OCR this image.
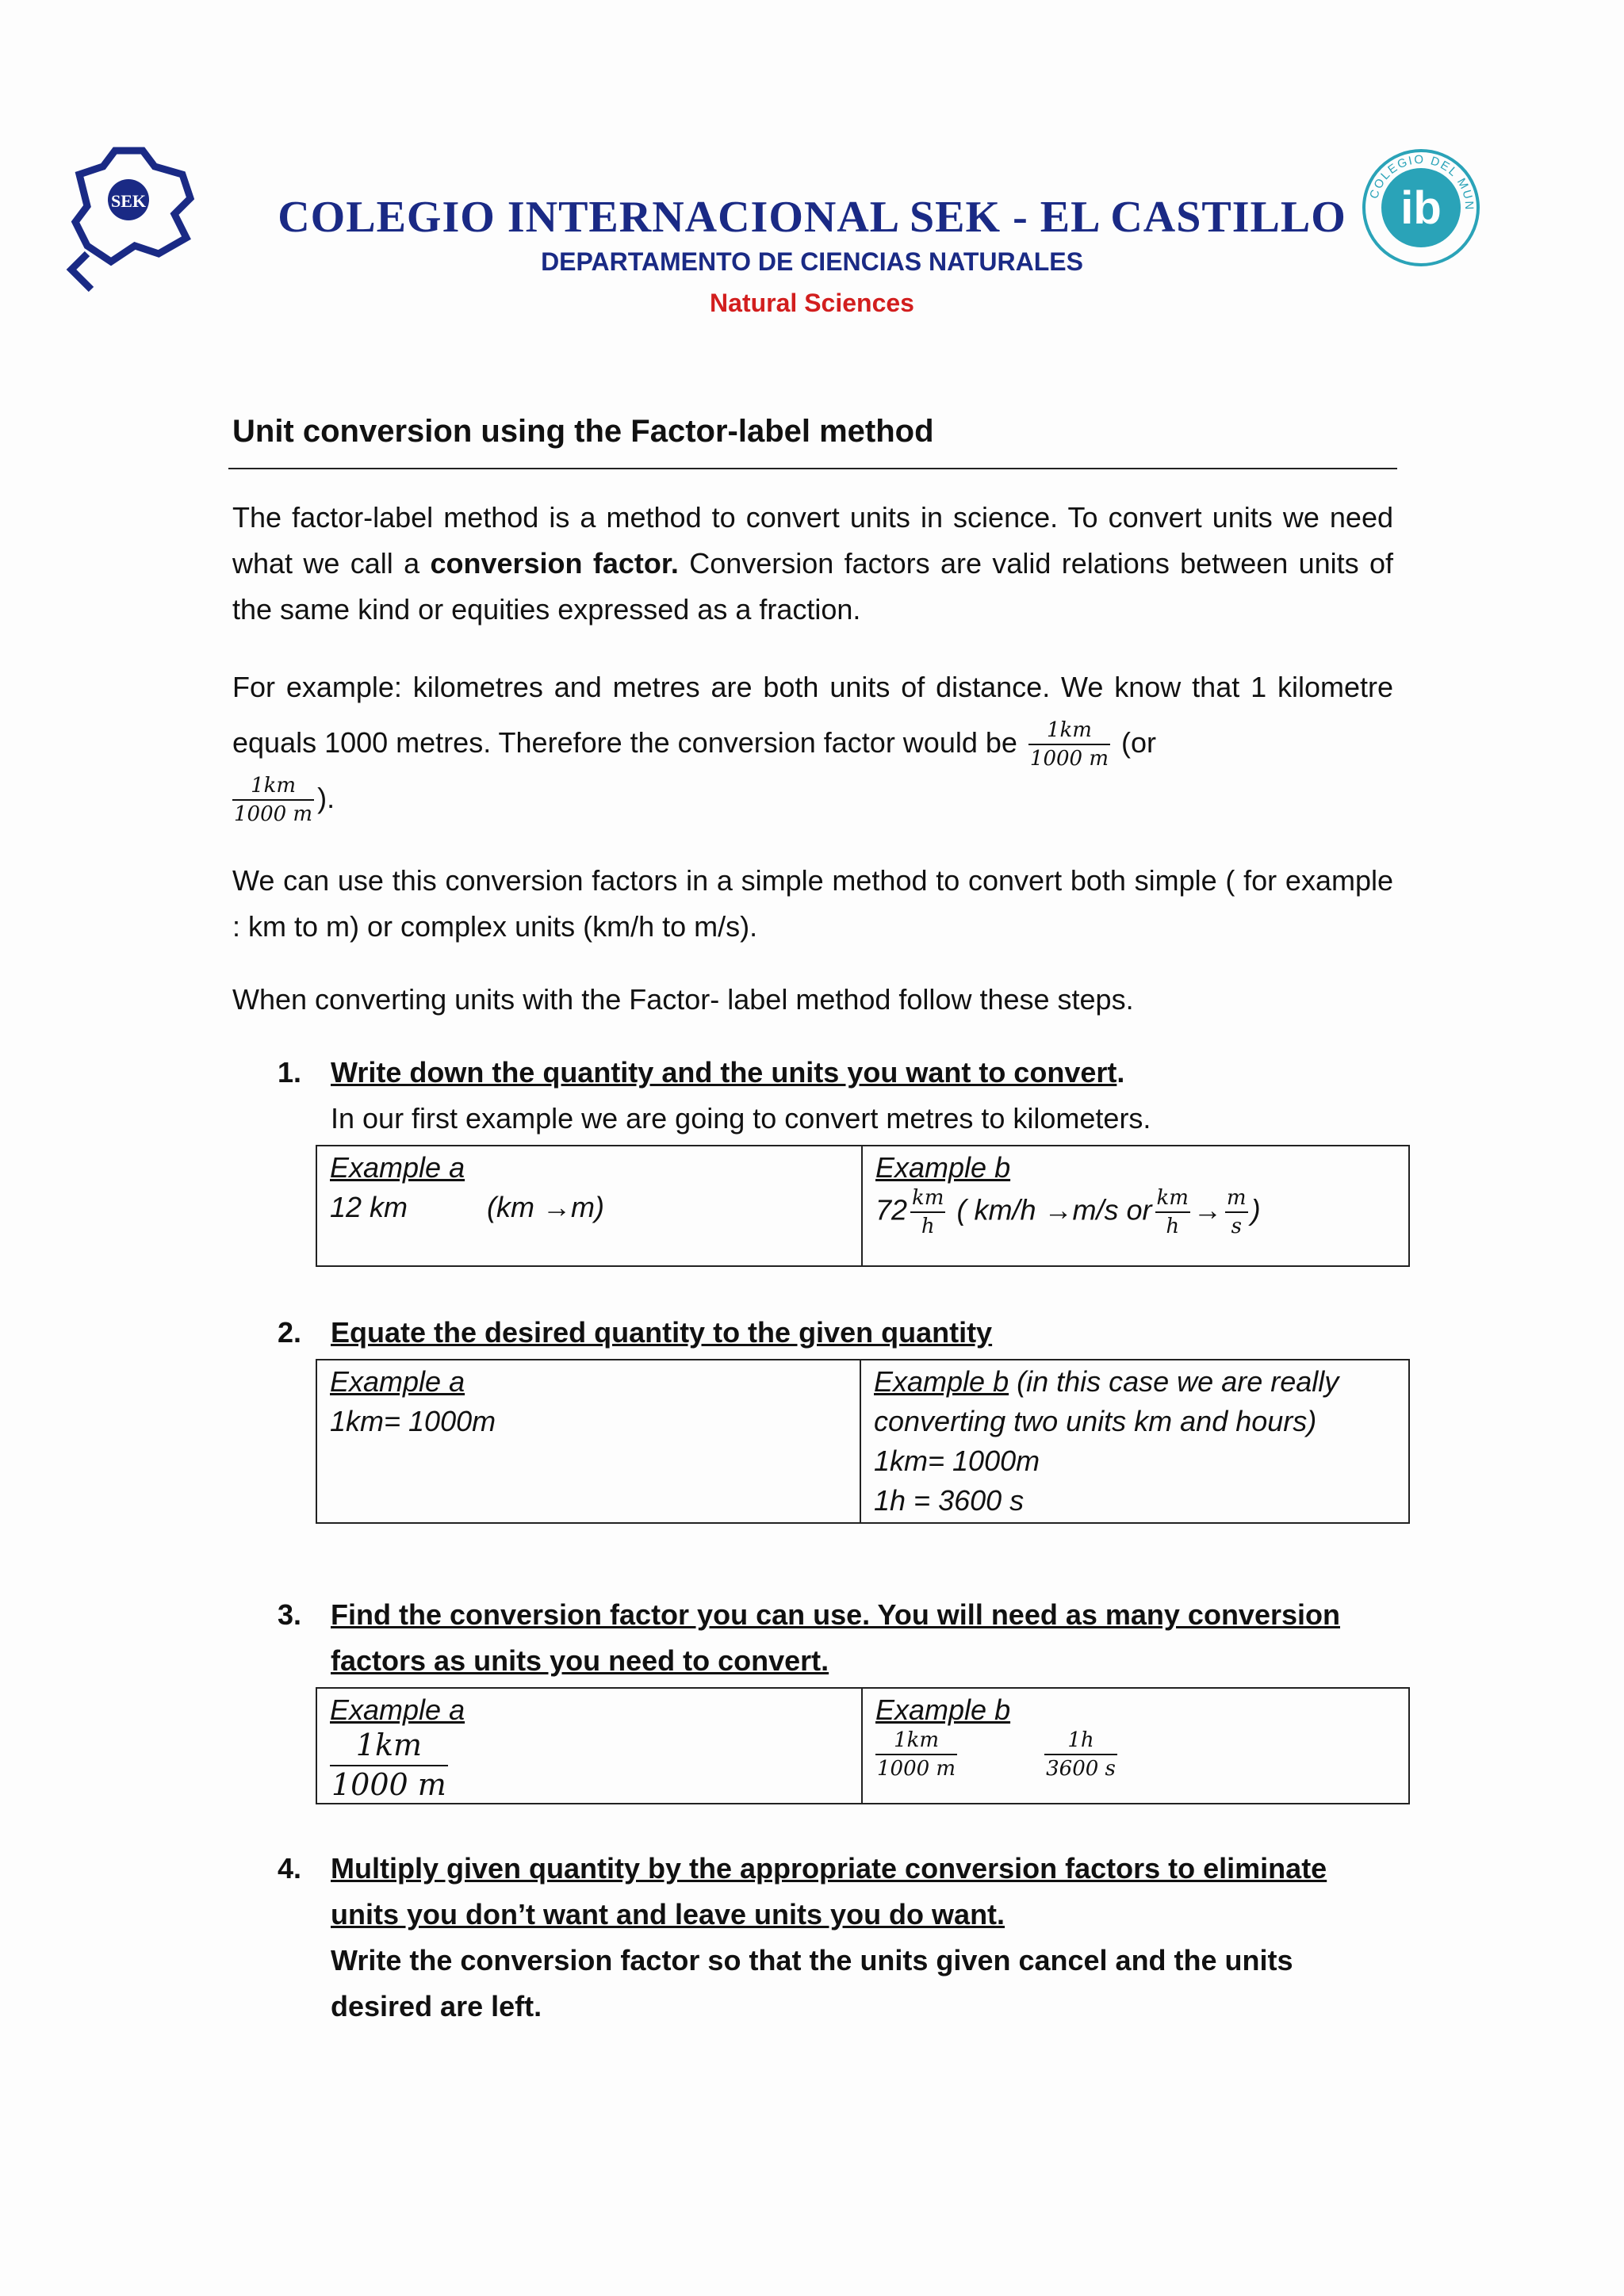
SEK	ib
COLEGIO DEL MUN
COLEGIO INTERNACIONAL SEK - EL CASTILLO
DEPARTAMENTO DE CIENCIAS NATURALES
Natural Sciences
Unit conversion using the Factor-label method
The factor-label method is a method to convert units in science. To convert units we need what we call a conversion factor. Conversion factors are valid relations between units of the same kind or equities expressed as a fraction.
For example: kilometres and metres are both units of distance. We know that 1 kilometre equals 1000 metres. Therefore the conversion factor would be $\frac{1km}{1000 m} (or$

$\frac{1km}{1000 m}$ ).
We can use this conversion factors in a simple method to convert both simple ( for example : km to m) or complex units (km/h to m/s).
When converting units with the Factor- label method follow these steps.
1. Write down the quantity and the units you want to convert.
In our first example we are going to convert metres to kilometers.
Example a
12 km	(km →m)

Example b
$72 \frac{km}{h}$ ( km/h →m/s or $\frac{km}{h} \to \frac{m}{s}$ )
2. Equate the desired quantity to the given quantity
Example a
1km= 1000m

Example b (in this case we are really converting two units km and hours)
1km= 1000m
1h = 3600 s
3. Find the conversion factor you can use. You will need as many conversion factors as units you need to convert.
Example a
$\frac{1km}{1000 m}$

Example b
$\frac{1km}{1000 m}$
	$\frac{1h}{3600 s}$
4. Multiply given quantity by the appropriate conversion factors to eliminate units you don’t want and leave units you do want.
Write the conversion factor so that the units given cancel and the units desired are left.
